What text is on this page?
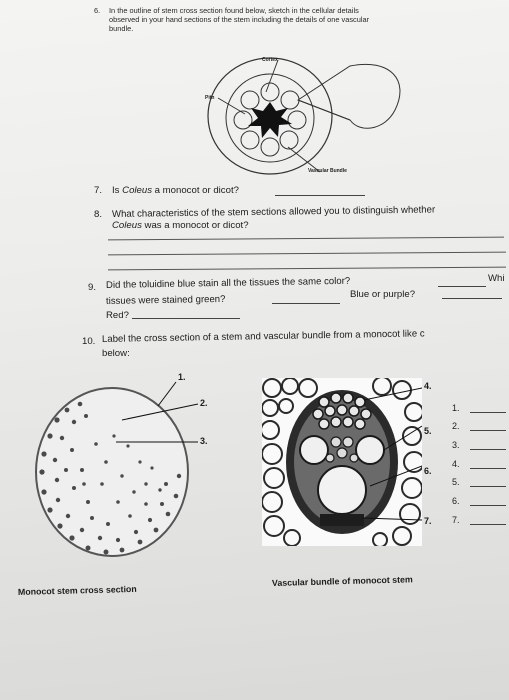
6. In the outline of stem cross section found below, sketch in the cellular details
observed in your hand sections of the stem including the details of one vascular
bundle.
Cortex
Pith
Vascular Bundle
7. Is Coleus a monocot or dicot?
8. What characteristics of the stem sections allowed you to distinguish whether
Coleus was a monocot or dicot?
9. Did the toluidine blue stain all the tissues the same color?	Whi
tissues were stained green?	Blue or purple?
Red?
10. Label the cross section of a stem and vascular bundle from a monocot like c
below:
1.
2.
3.
4.
5.
6.
7.
1.
2.
3.
4.
5.
6.
7.
Monocot stem cross section
Vascular bundle of monocot stem
